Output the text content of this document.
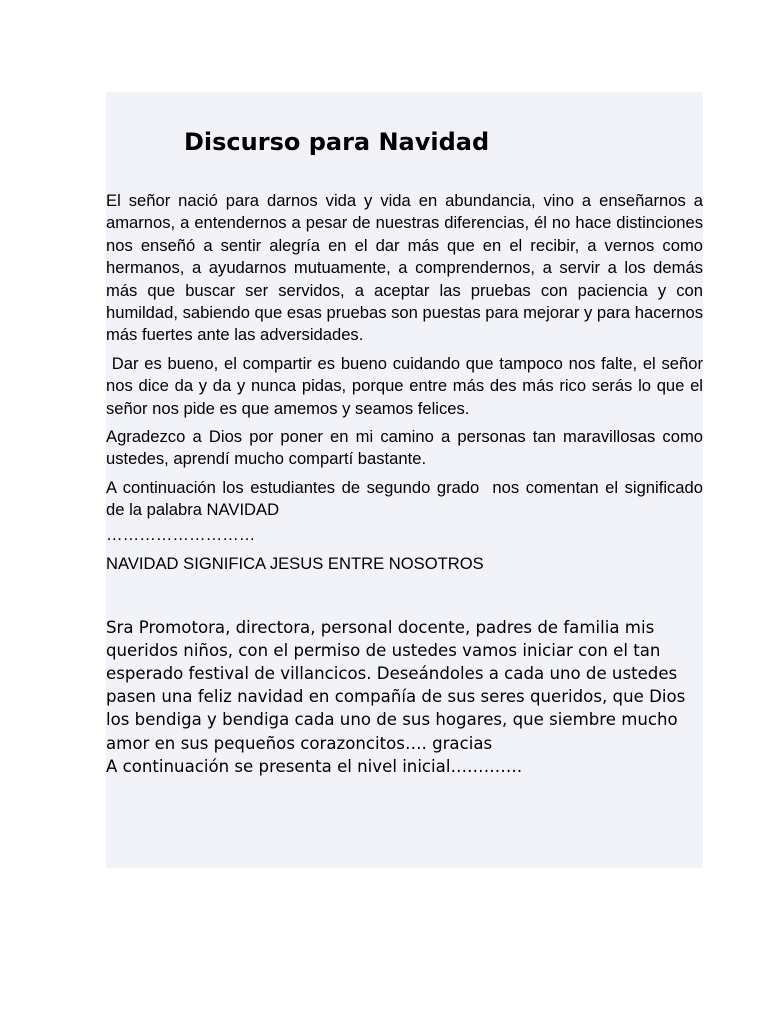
Discurso para Navidad

El señor nació para darnos vida y vida en abundancia, vino a enseñarnos a amarnos, a entendernos a pesar de nuestras diferencias, él no hace distinciones nos enseñó a sentir alegría en el dar más que en el recibir, a vernos como hermanos, a ayudarnos mutuamente, a comprendernos, a servir a los demás más que buscar ser servidos, a aceptar las pruebas con paciencia y con humildad, sabiendo que esas pruebas son puestas para mejorar y para hacernos más fuertes ante las adversidades.

Dar es bueno, el compartir es bueno cuidando que tampoco nos falte, el señor nos dice da y da y nunca pidas, porque entre más des más rico serás lo que el señor nos pide es que amemos y seamos felices.

Agradezco a Dios por poner en mi camino a personas tan maravillosas como ustedes, aprendí mucho compartí bastante.

A continuación los estudiantes de segundo grado  nos comentan el significado de la palabra NAVIDAD

………………………

NAVIDAD SIGNIFICA JESUS ENTRE NOSOTROS

Sra Promotora, directora, personal docente, padres de familia mis queridos niños, con el permiso de ustedes vamos iniciar con el tan esperado festival de villancicos. Deseándoles a cada uno de ustedes pasen una feliz navidad en compañía de sus seres queridos, que Dios los bendiga y bendiga cada uno de sus hogares, que siembre mucho amor en sus pequeños corazoncitos…. gracias

A continuación se presenta el nivel inicial………….
